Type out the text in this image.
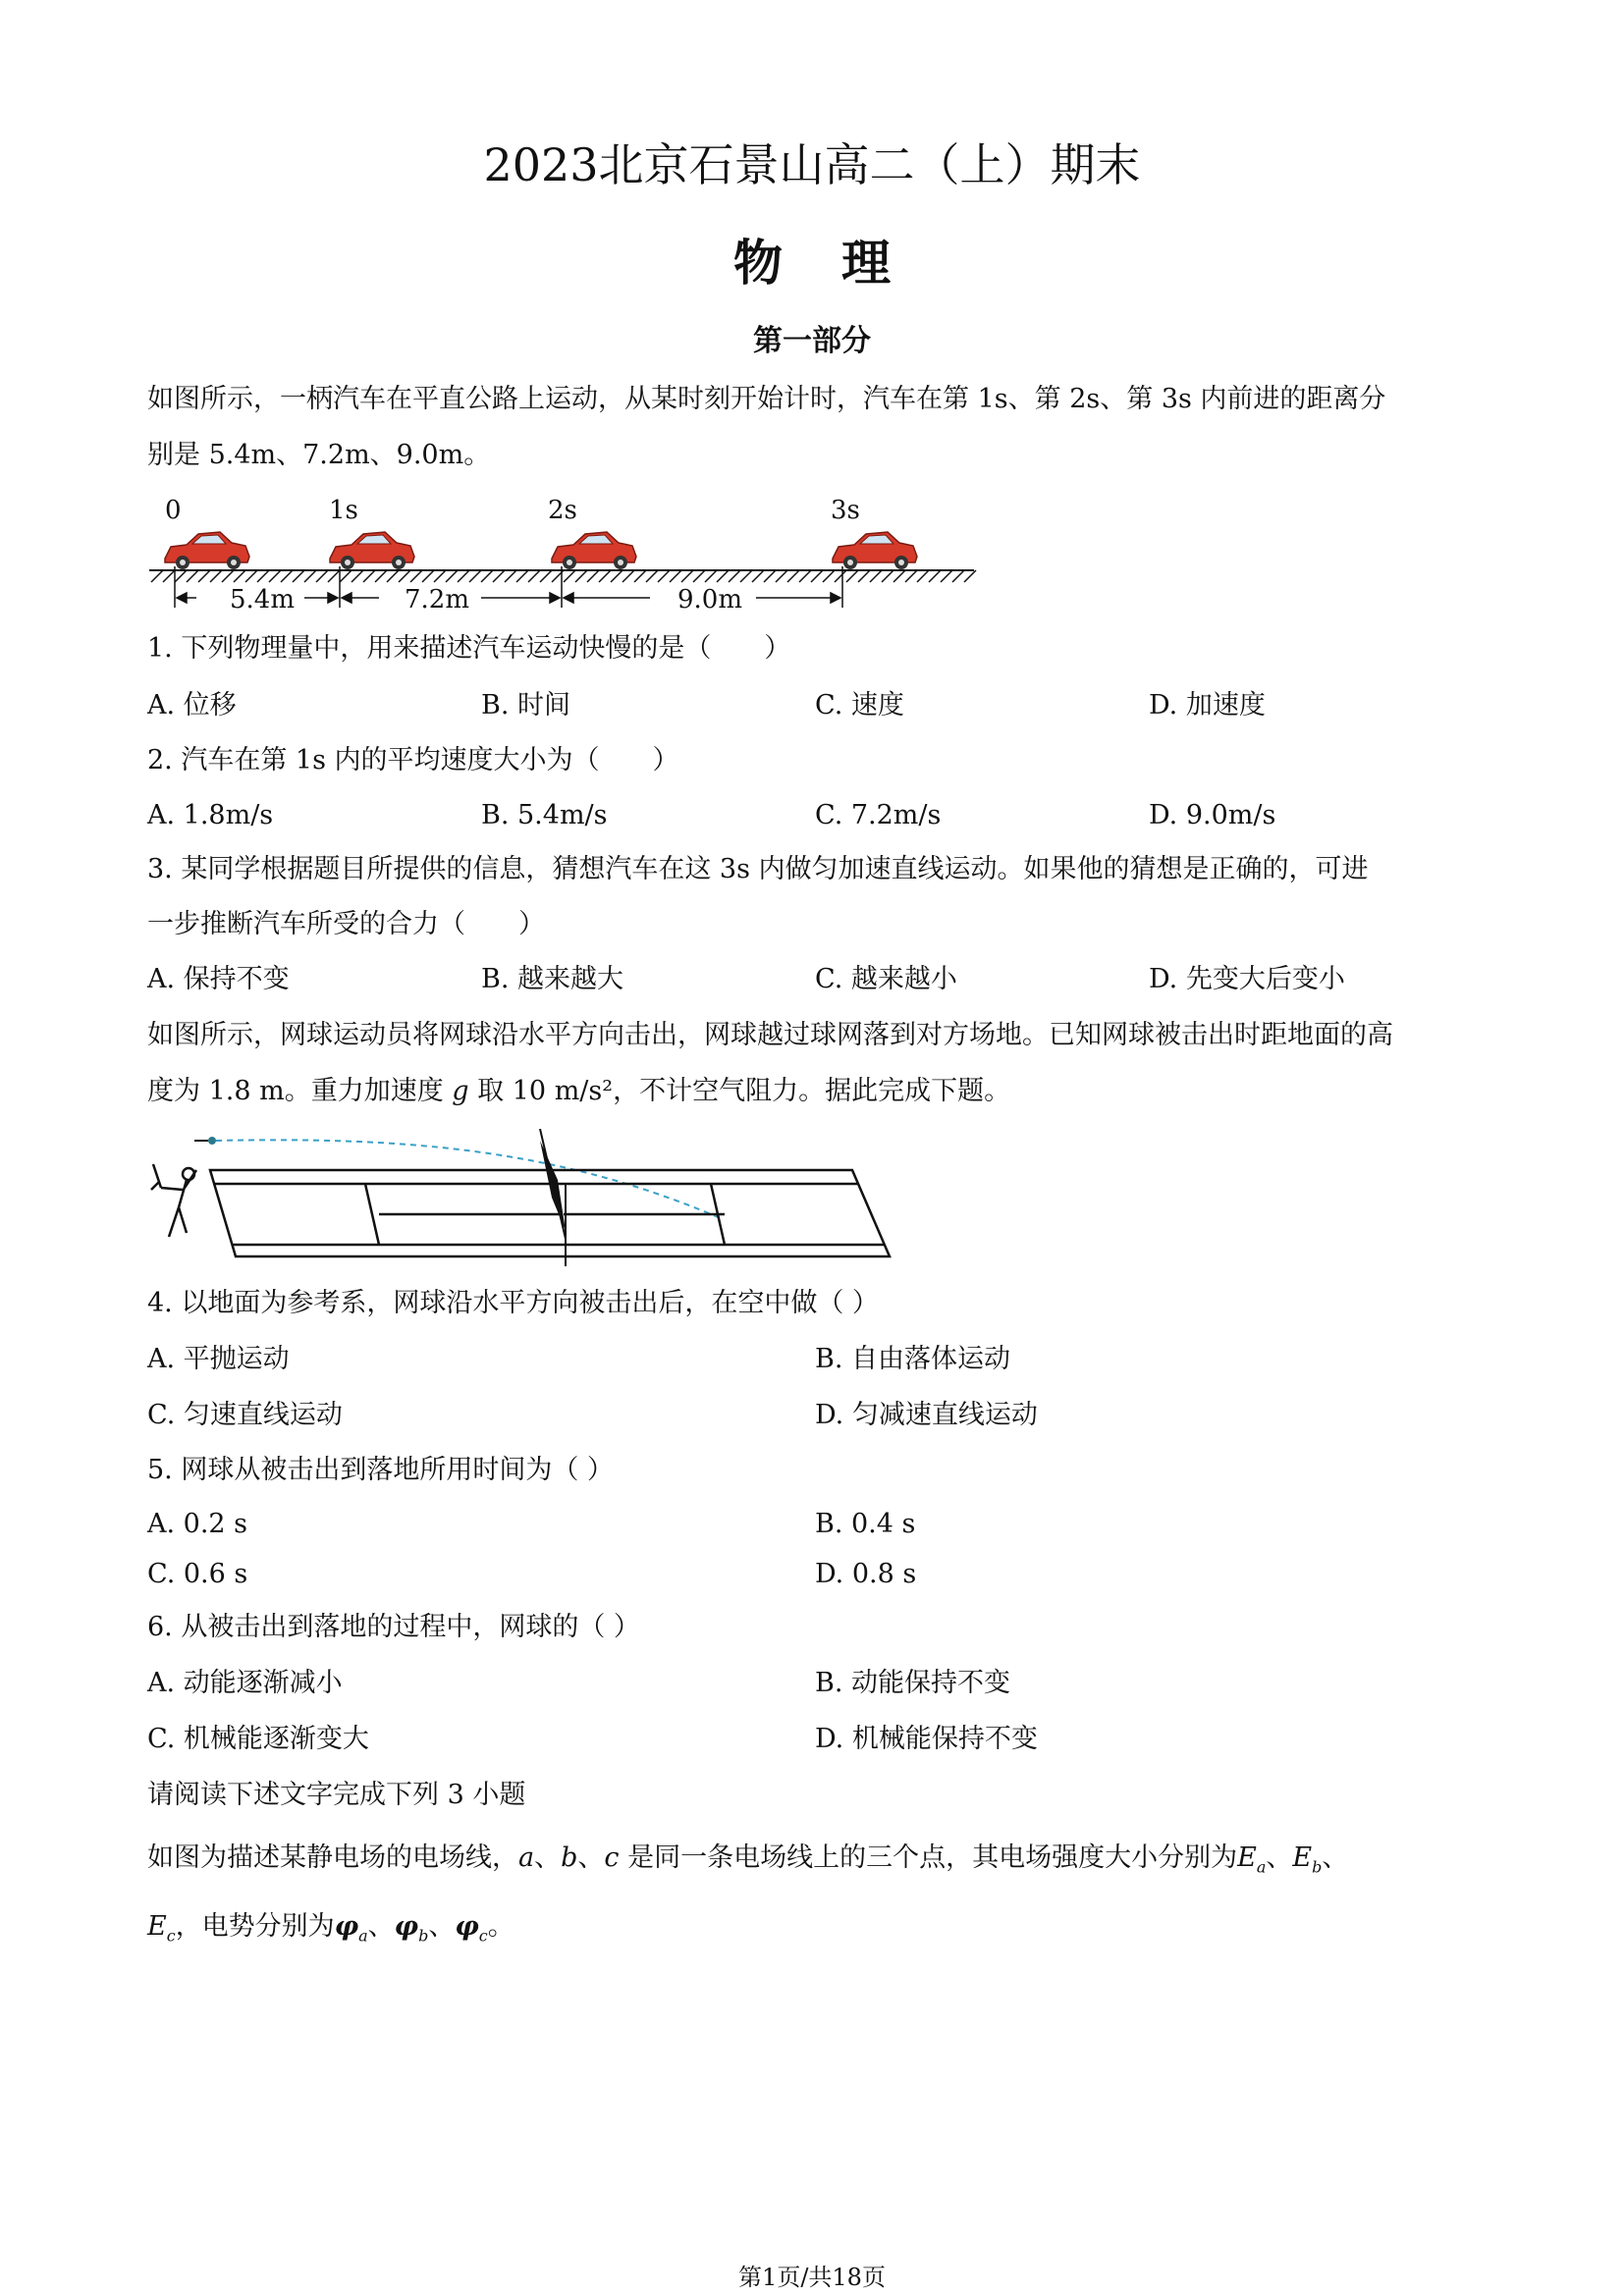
2023北京石景山高二（上）期末
物理
第一部分
如图所示，一柄汽车在平直公路上运动，从某时刻开始计时，汽车在第 1s、第 2s、第 3s 内前进的距离分
别是 5.4m、7.2m、9.0m。
0	1s	2s	3s
5.4m	7.2m	9.0m
1. 下列物理量中，用来描述汽车运动快慢的是（　　）
A. 位移	B. 时间	C. 速度	D. 加速度
2. 汽车在第 1s 内的平均速度大小为（　　）
A. 1.8m/s	B. 5.4m/s	C. 7.2m/s	D. 9.0m/s
3. 某同学根据题目所提供的信息，猜想汽车在这 3s 内做匀加速直线运动。如果他的猜想是正确的，可进
一步推断汽车所受的合力（　　）
A. 保持不变	B. 越来越大	C. 越来越小	D. 先变大后变小
如图所示，网球运动员将网球沿水平方向击出，网球越过球网落到对方场地。已知网球被击出时距地面的高
度为 1.8 m。重力加速度 g 取 10 m/s²，不计空气阻力。据此完成下题。
4. 以地面为参考系，网球沿水平方向被击出后，在空中做（ ）
A. 平抛运动	B. 自由落体运动
C. 匀速直线运动	D. 匀减速直线运动
5. 网球从被击出到落地所用时间为（ ）
A. 0.2 s	B. 0.4 s
C. 0.6 s	D. 0.8 s
6. 从被击出到落地的过程中，网球的（ ）
A. 动能逐渐减小	B. 动能保持不变
C. 机械能逐渐变大	D. 机械能保持不变
请阅读下述文字完成下列 3 小题
如图为描述某静电场的电场线，a、b、c 是同一条电场线上的三个点，其电场强度大小分别为$E_a$、$E_b$、
$E_c$，电势分别为$\varphi_a$、$\varphi_b$、$\varphi_c$。
第1页/共18页
